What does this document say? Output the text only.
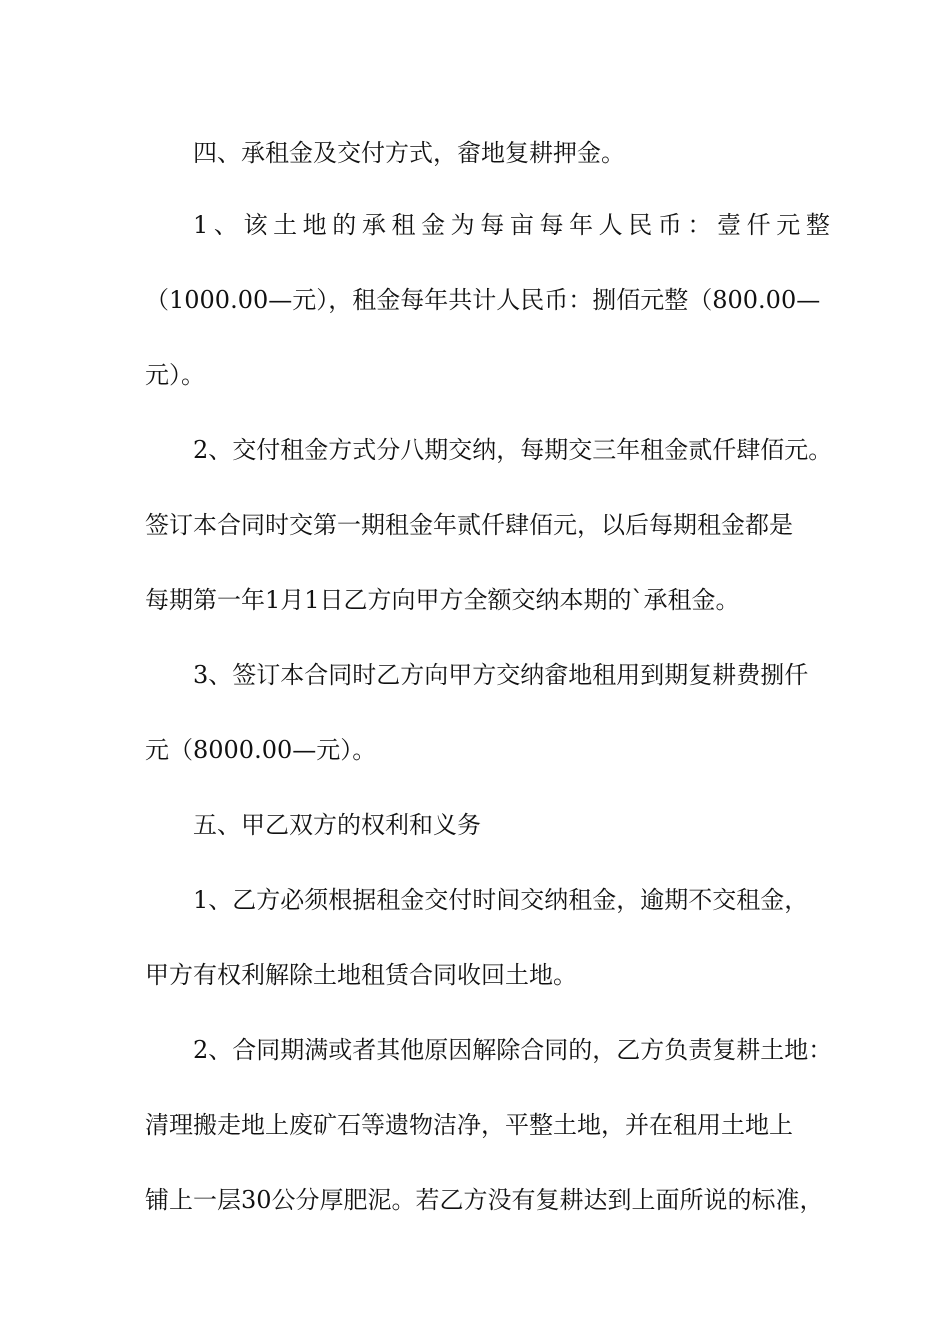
四、承租金及交付方式，畲地复耕押金。
1、该土地的承租金为每亩每年人民币：壹仟元整
（1000.00—元），租金每年共计人民币：捌佰元整（800.00—
元）。
2、交付租金方式分八期交纳，每期交三年租金贰仟肆佰元。
签订本合同时交第一期租金年贰仟肆佰元，以后每期租金都是
每期第一年1月1日乙方向甲方全额交纳本期的`承租金。
3、签订本合同时乙方向甲方交纳畲地租用到期复耕费捌仟
元（8000.00—元）。
五、甲乙双方的权利和义务
1、乙方必须根据租金交付时间交纳租金，逾期不交租金，
甲方有权利解除土地租赁合同收回土地。
2、合同期满或者其他原因解除合同的，乙方负责复耕土地：
清理搬走地上废矿石等遗物洁净，平整土地，并在租用土地上
铺上一层30公分厚肥泥。若乙方没有复耕达到上面所说的标准，
